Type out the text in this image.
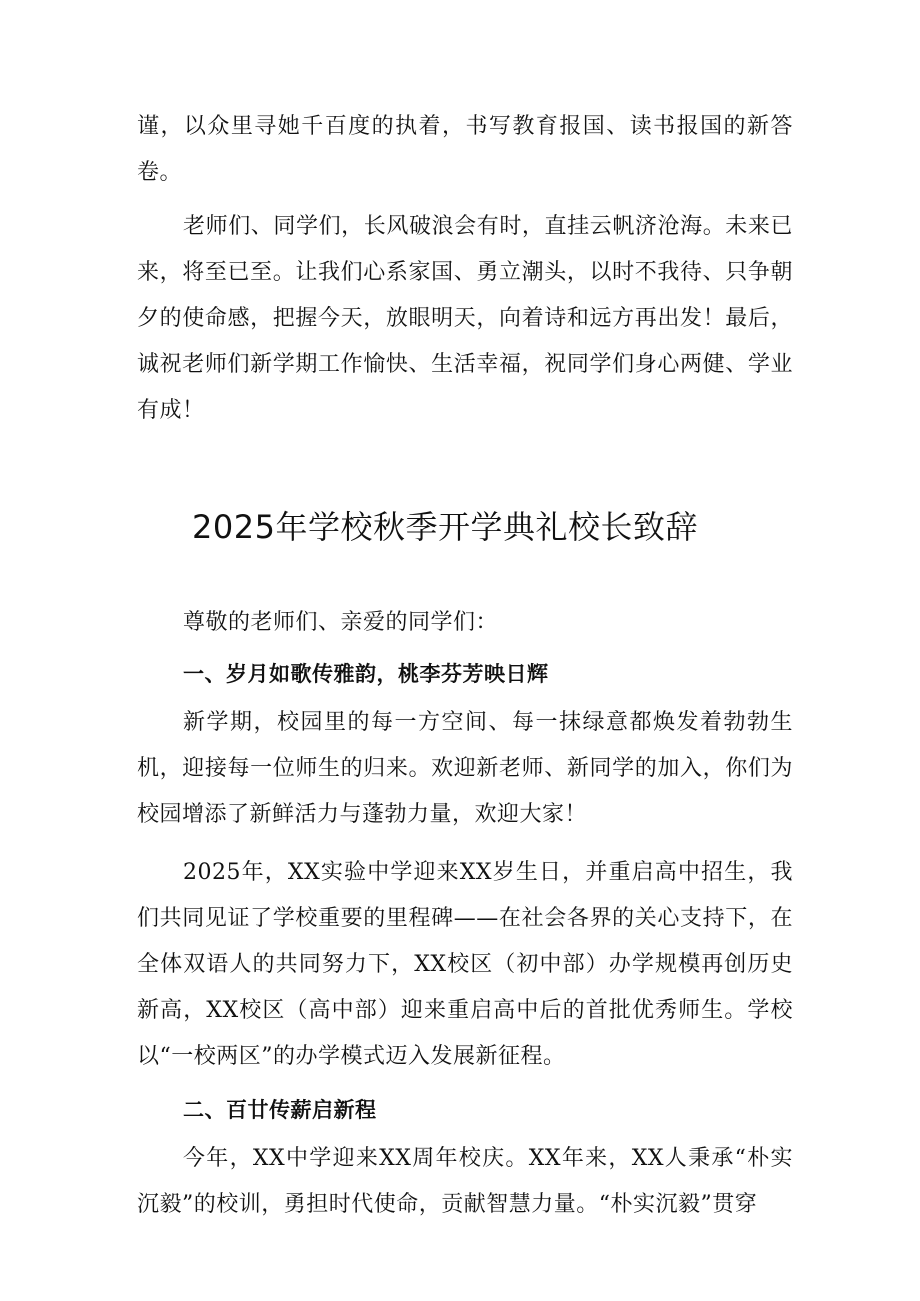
谨，以众里寻她千百度的执着，书写教育报国、读书报国的新答卷。

老师们、同学们，长风破浪会有时，直挂云帆济沧海。未来已来，将至已至。让我们心系家国、勇立潮头，以时不我待、只争朝夕的使命感，把握今天，放眼明天，向着诗和远方再出发！最后，诚祝老师们新学期工作愉快、生活幸福，祝同学们身心两健、学业有成！

2025年学校秋季开学典礼校长致辞

尊敬的老师们、亲爱的同学们：

一、岁月如歌传雅韵，桃李芬芳映日辉

新学期，校园里的每一方空间、每一抹绿意都焕发着勃勃生机，迎接每一位师生的归来。欢迎新老师、新同学的加入，你们为校园增添了新鲜活力与蓬勃力量，欢迎大家！

2025年，XX实验中学迎来XX岁生日，并重启高中招生，我们共同见证了学校重要的里程碑——在社会各界的关心支持下，在全体双语人的共同努力下，XX校区（初中部）办学规模再创历史新高，XX校区（高中部）迎来重启高中后的首批优秀师生。学校以“一校两区”的办学模式迈入发展新征程。

二、百廿传薪启新程

今年，XX中学迎来XX周年校庆。XX年来，XX人秉承“朴实沉毅”的校训，勇担时代使命，贡献智慧力量。“朴实沉毅”贯穿
